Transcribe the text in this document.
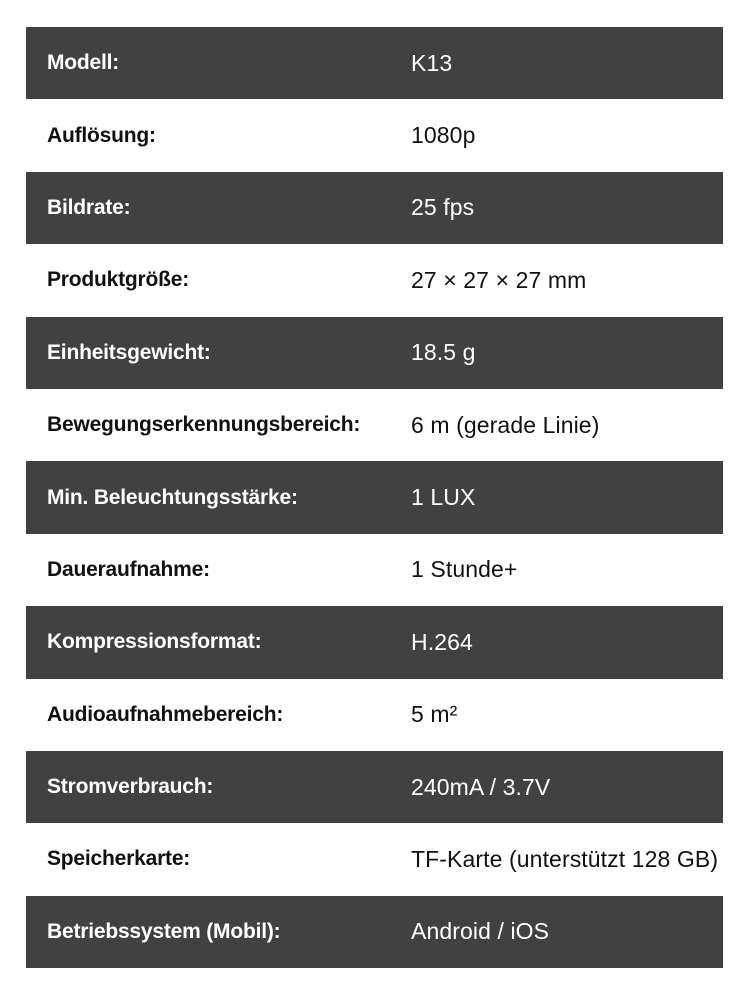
Modell:	K13
Auflösung:	1080p
Bildrate:	25 fps
Produktgröße:	27 × 27 × 27 mm
Einheitsgewicht:	18.5 g
Bewegungserkennungsbereich:	6 m (gerade Linie)
Min. Beleuchtungsstärke:	1 LUX
Daueraufnahme:	1 Stunde+
Kompressionsformat:	H.264
Audioaufnahmebereich:	5 m²
Stromverbrauch:	240mA / 3.7V
Speicherkarte:	TF-Karte (unterstützt 128 GB)
Betriebssystem (Mobil):	Android / iOS
